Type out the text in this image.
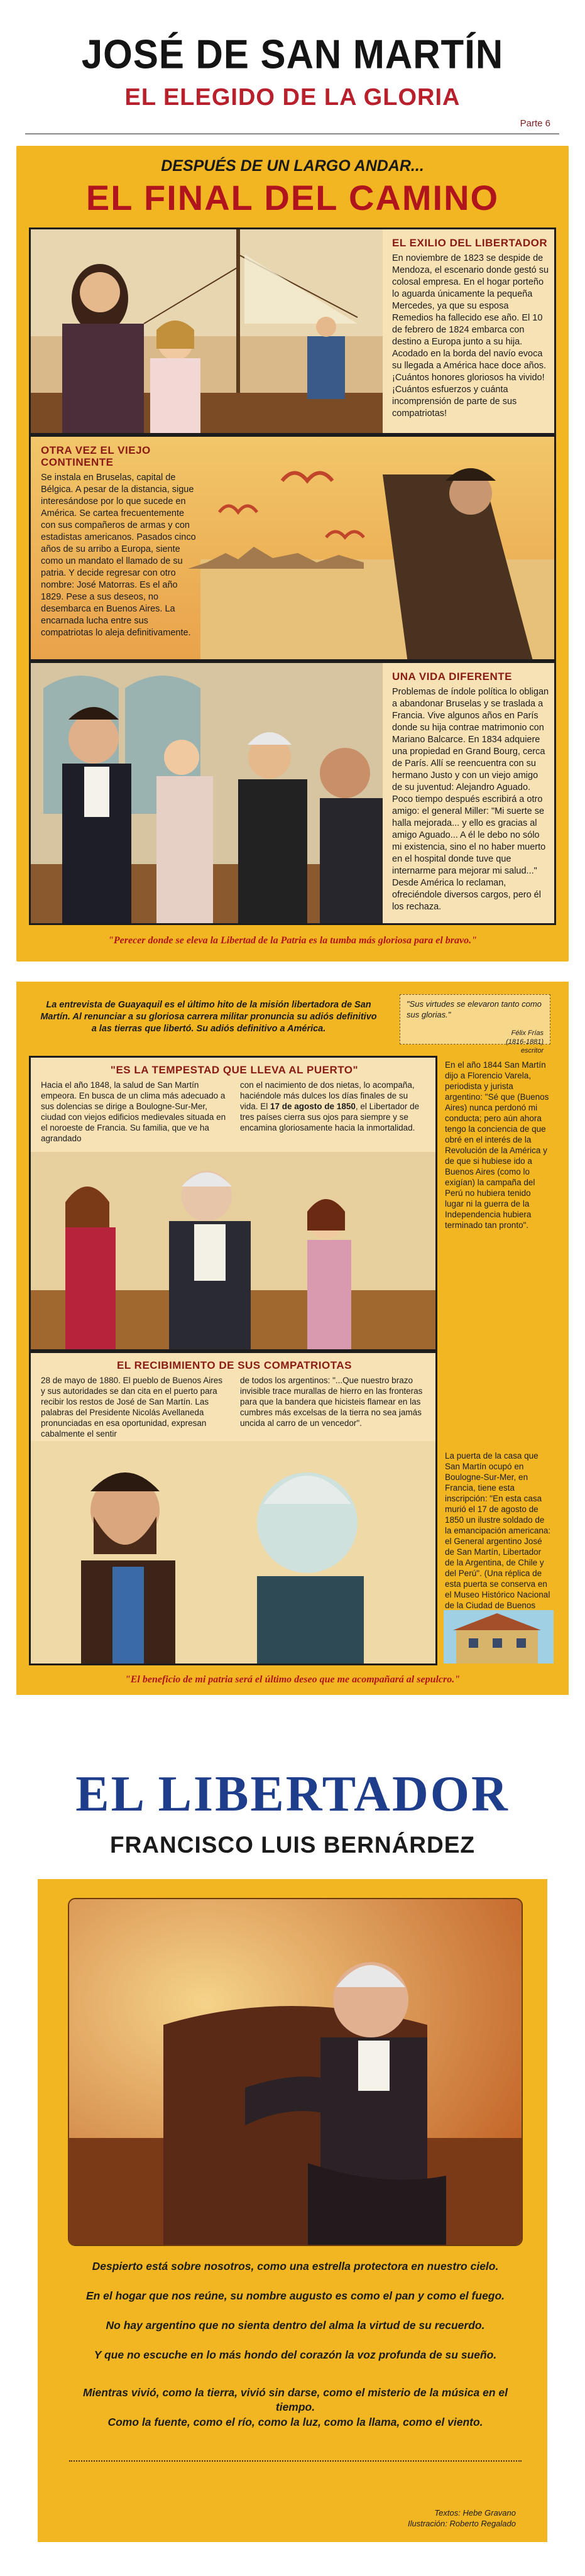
JOSÉ DE SAN MARTÍN
EL ELEGIDO DE LA GLORIA
Parte 6
DESPUÉS DE UN LARGO ANDAR...
EL FINAL DEL CAMINO
EL EXILIO DEL LIBERTADOR
En noviembre de 1823 se despide de Mendoza, el escenario donde gestó su colosal empresa. En el hogar porteño lo aguarda únicamente la pequeña Mercedes, ya que su esposa Remedios ha fallecido ese año. El 10 de febrero de 1824 embarca con destino a Europa junto a su hija. Acodado en la borda del navío evoca su llegada a América hace doce años. ¡Cuántos honores gloriosos ha vivido! ¡Cuántos esfuerzos y cuánta incomprensión de parte de sus compatriotas!
OTRA VEZ EL VIEJO CONTINENTE
Se instala en Bruselas, capital de Bélgica. A pesar de la distancia, sigue interesándose por lo que sucede en América. Se cartea frecuentemente con sus compañeros de armas y con estadistas americanos. Pasados cinco años de su arribo a Europa, siente como un mandato el llamado de su patria. Y decide regresar con otro nombre: José Matorras. Es el año 1829. Pese a sus deseos, no desembarca en Buenos Aires. La encarnada lucha entre sus compatriotas lo aleja definitivamente.
UNA VIDA DIFERENTE
Problemas de índole política lo obligan a abandonar Bruselas y se traslada a Francia. Vive algunos años en París donde su hija contrae matrimonio con Mariano Balcarce. En 1834 adquiere una propiedad en Grand Bourg, cerca de París. Allí se reencuentra con su hermano Justo y con un viejo amigo de su juventud: Alejandro Aguado. Poco tiempo después escribirá a otro amigo: el general Miller: "Mi suerte se halla mejorada... y ello es gracias al amigo Aguado... A él le debo no sólo mi existencia, sino el no haber muerto en el hospital donde tuve que internarme para mejorar mi salud..." Desde América lo reclaman, ofreciéndole diversos cargos, pero él los rechaza.
"Perecer donde se eleva la Libertad de la Patria es la tumba más gloriosa para el bravo."
La entrevista de Guayaquil es el último hito de la misión libertadora de San Martín. Al renunciar a su gloriosa carrera militar pronuncia su adiós definitivo a las tierras que libertó. Su adiós definitivo a América.
"Sus virtudes se elevaron tanto como sus glorias."
Félix Frías
(1816-1881)
escritor
"ES LA TEMPESTAD QUE LLEVA AL PUERTO"
Hacia el año 1848, la salud de San Martín empeora. En busca de un clima más adecuado a sus dolencias se dirige a Boulogne-Sur-Mer, ciudad con viejos edificios medievales situada en el noroeste de Francia. Su familia, que ve ha agrandado
con el nacimiento de dos nietas, lo acompaña, haciéndole más dulces los días finales de su vida. El 17 de agosto de 1850, el Libertador de tres países cierra sus ojos para siempre y se encamina gloriosamente hacia la inmortalidad.
En el año 1844 San Martín dijo a Florencio Varela, periodista y jurista argentino: "Sé que (Buenos Aires) nunca perdonó mi conducta; pero aún ahora tengo la conciencia de que obré en el interés de la Revolución de la América y de que si hubiese ido a Buenos Aires (como lo exigían) la campaña del Perú no hubiera tenido lugar ni la guerra de la Independencia hubiera terminado tan pronto".
EL RECIBIMIENTO DE SUS COMPATRIOTAS
28 de mayo de 1880. El pueblo de Buenos Aires y sus autoridades se dan cita en el puerto para recibir los restos de José de San Martín. Las palabras del Presidente Nicolás Avellaneda pronunciadas en esa oportunidad, expresan cabalmente el sentir
de todos los argentinos: "...Que nuestro brazo invisible trace murallas de hierro en las fronteras para que la bandera que hicisteis flamear en las cumbres más excelsas de la tierra no sea jamás uncida al carro de un vencedor".
La puerta de la casa que San Martín ocupó en Boulogne-Sur-Mer, en Francia, tiene esta inscripción: "En esta casa murió el 17 de agosto de 1850 un ilustre soldado de la emancipación americana: el General argentino José de San Martín, Libertador de la Argentina, de Chile y del Perú". (Una réplica de esta puerta se conserva en el Museo Histórico Nacional de la Ciudad de Buenos
"El beneficio de mi patria será el último deseo que me acompañará al sepulcro."
EL LIBERTADOR
FRANCISCO LUIS BERNÁRDEZ
Despierto está sobre nosotros, como una estrella protectora en nuestro cielo.
En el hogar que nos reúne, su nombre augusto es como el pan y como el fuego.
No hay argentino que no sienta dentro del alma la virtud de su recuerdo.
Y que no escuche en lo más hondo del corazón la voz profunda de su sueño.
Mientras vivió, como la tierra, vivió sin darse, como el misterio de la música en el tiempo.
Como la fuente, como el río, como la luz, como la llama, como el viento.
Textos: Hebe Gravano
Ilustración: Roberto Regalado
